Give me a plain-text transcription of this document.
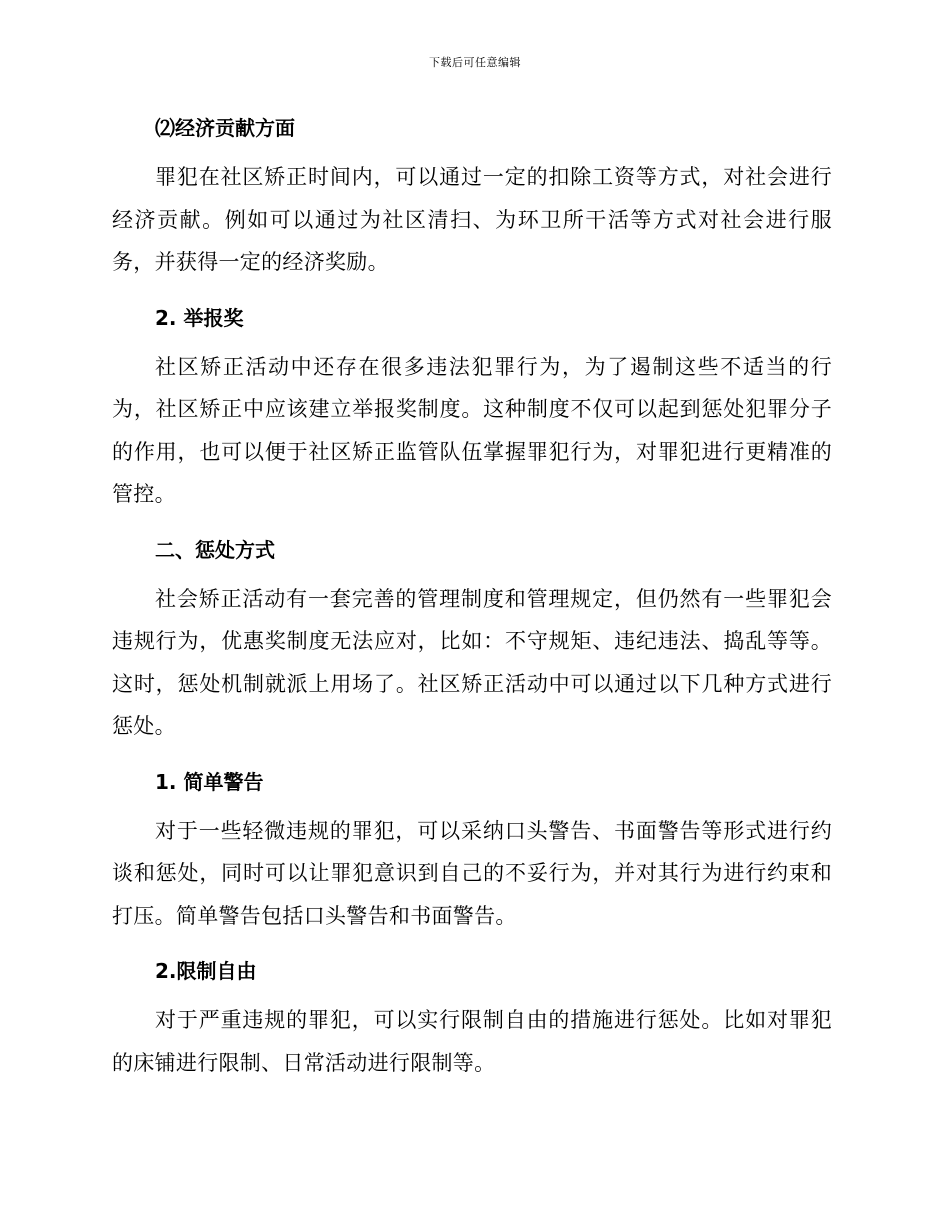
下载后可任意编辑
⑵经济贡献方面

罪犯在社区矫正时间内，可以通过一定的扣除工资等方式，对社会进行经济贡献。例如可以通过为社区清扫、为环卫所干活等方式对社会进行服务，并获得一定的经济奖励。

2. 举报奖

社区矫正活动中还存在很多违法犯罪行为，为了遏制这些不适当的行为，社区矫正中应该建立举报奖制度。这种制度不仅可以起到惩处犯罪分子的作用，也可以便于社区矫正监管队伍掌握罪犯行为，对罪犯进行更精准的管控。

二、惩处方式

社会矫正活动有一套完善的管理制度和管理规定，但仍然有一些罪犯会违规行为，优惠奖制度无法应对，比如：不守规矩、违纪违法、捣乱等等。这时，惩处机制就派上用场了。社区矫正活动中可以通过以下几种方式进行惩处。

1. 简单警告

对于一些轻微违规的罪犯，可以采纳口头警告、书面警告等形式进行约谈和惩处，同时可以让罪犯意识到自己的不妥行为，并对其行为进行约束和打压。简单警告包括口头警告和书面警告。

2.限制自由

对于严重违规的罪犯，可以实行限制自由的措施进行惩处。比如对罪犯的床铺进行限制、日常活动进行限制等。
